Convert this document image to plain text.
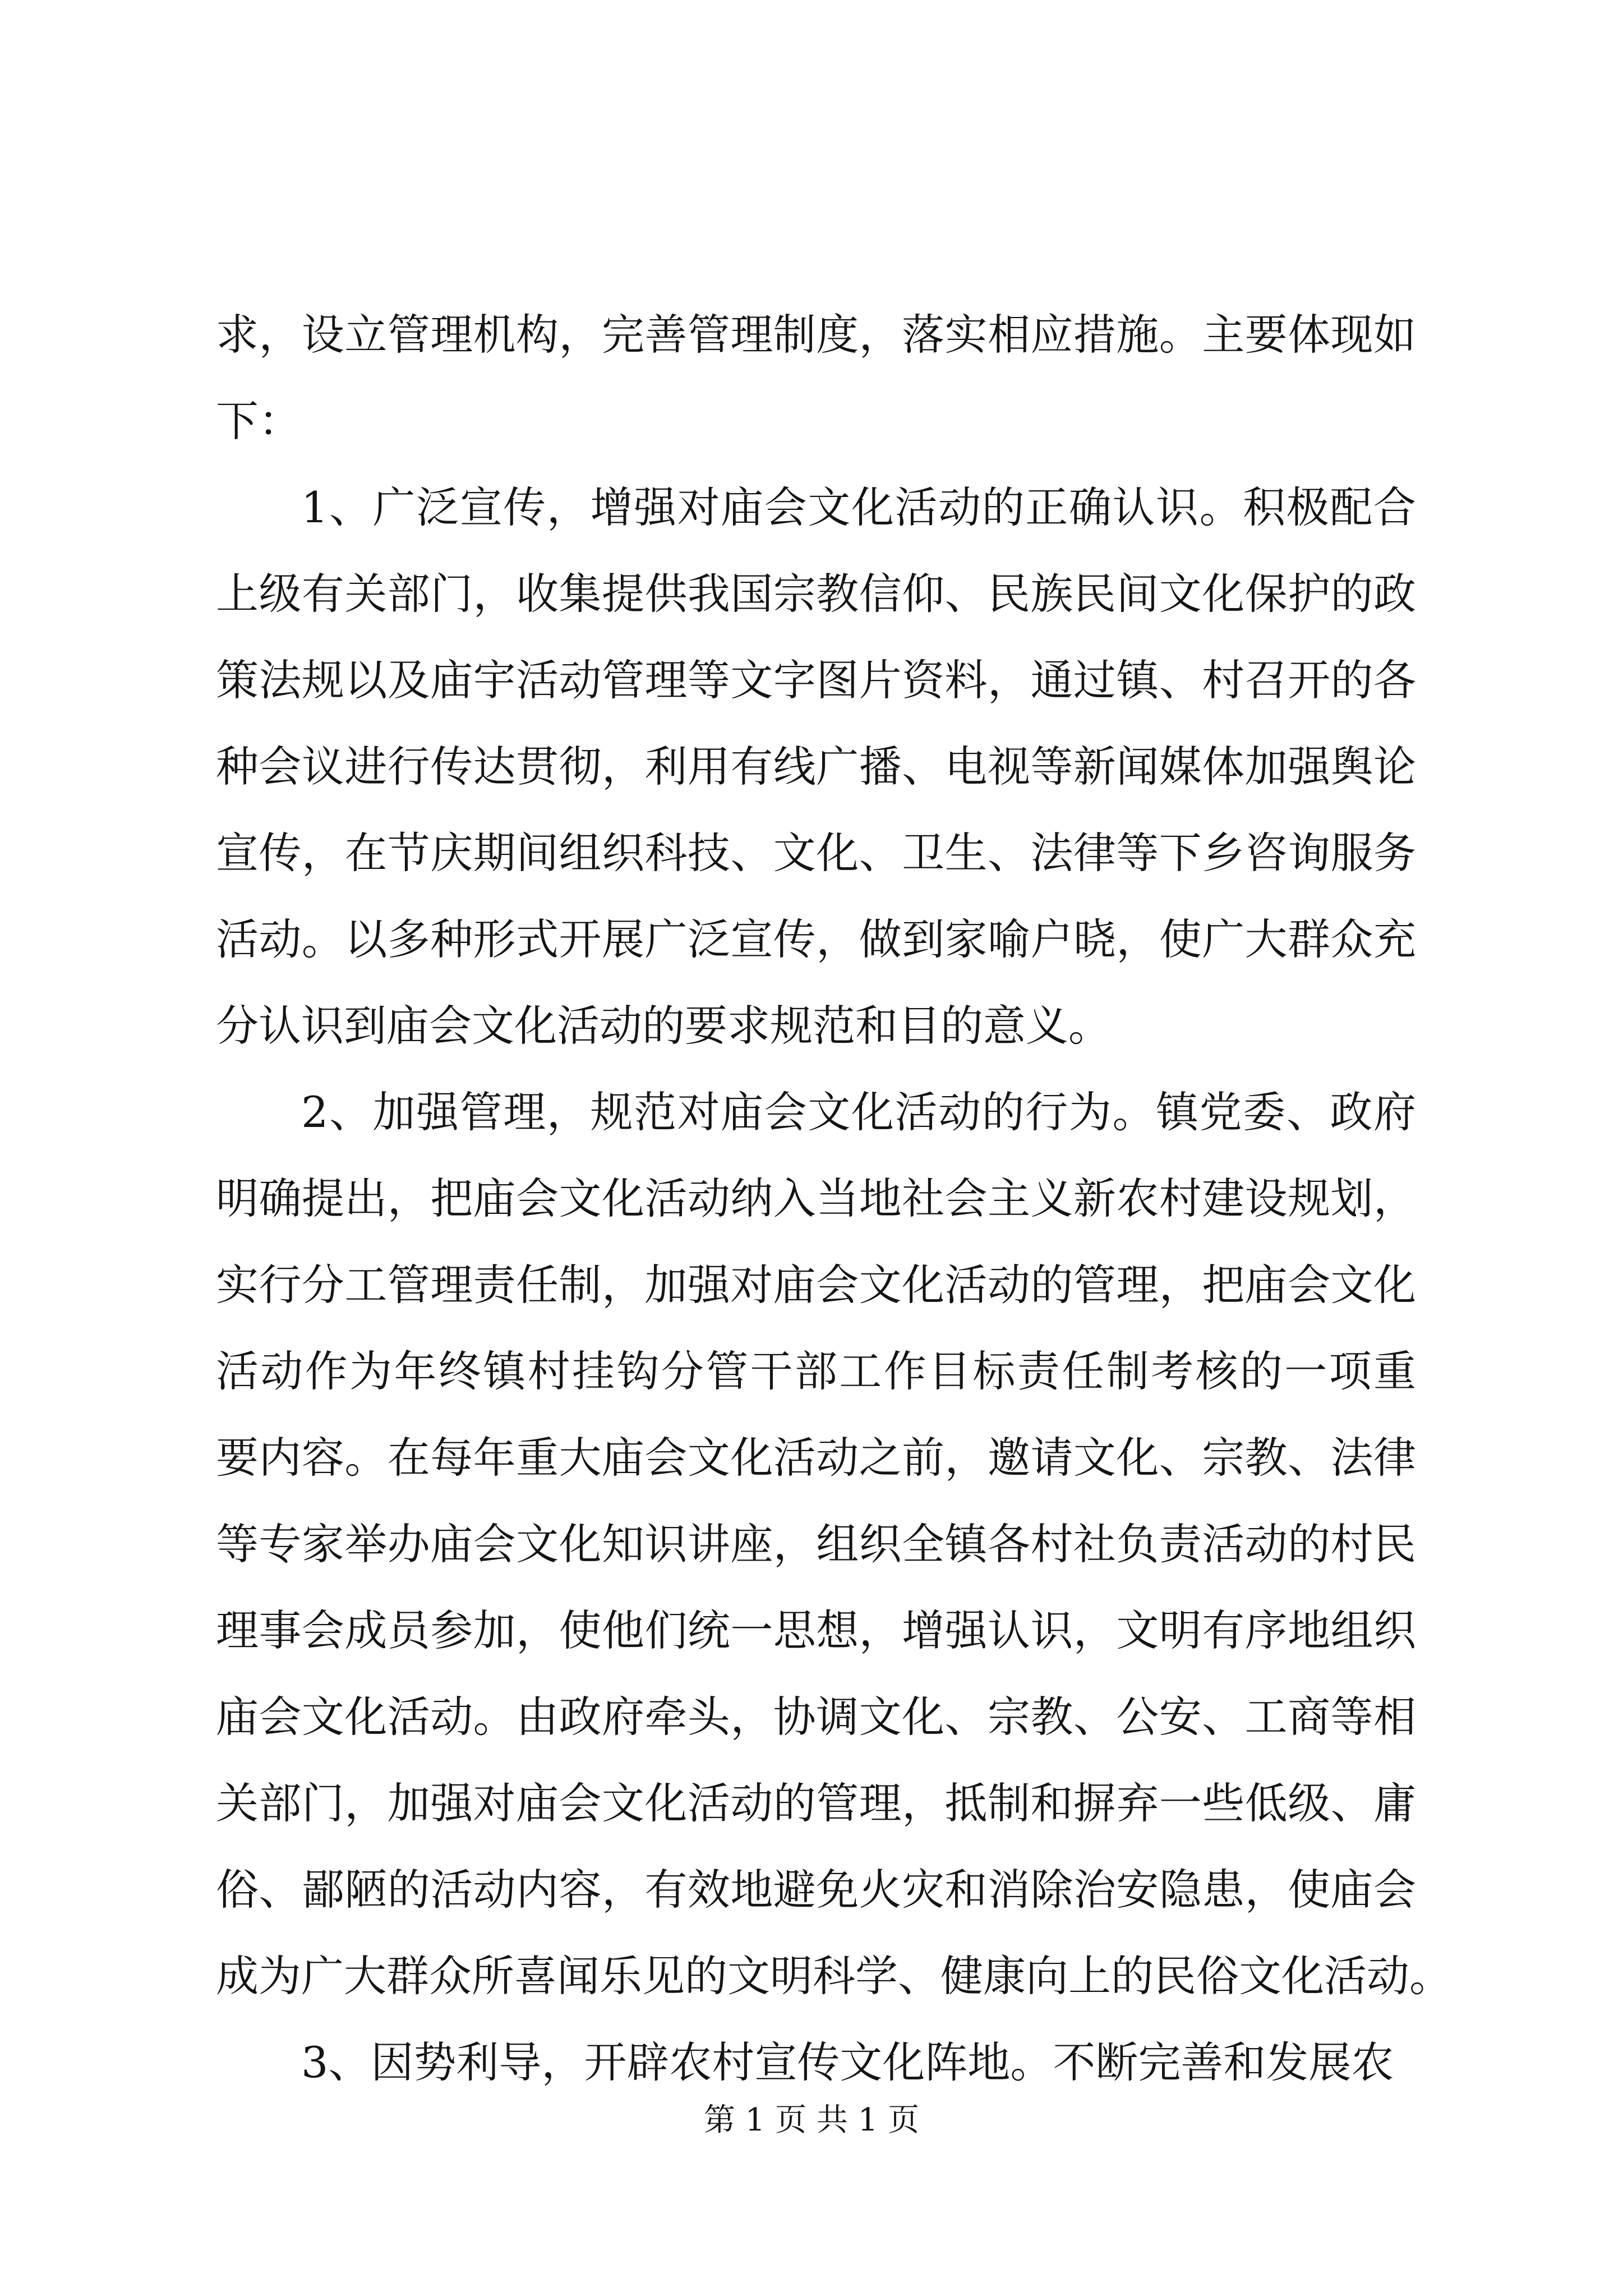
求，设立管理机构，完善管理制度，落实相应措施。主要体现如
下：
1、广泛宣传，增强对庙会文化活动的正确认识。积极配合
上级有关部门，收集提供我国宗教信仰、民族民间文化保护的政
策法规以及庙宇活动管理等文字图片资料，通过镇、村召开的各
种会议进行传达贯彻，利用有线广播、电视等新闻媒体加强舆论
宣传，在节庆期间组织科技、文化、卫生、法律等下乡咨询服务
活动。以多种形式开展广泛宣传，做到家喻户晓，使广大群众充
分认识到庙会文化活动的要求规范和目的意义。
2、加强管理，规范对庙会文化活动的行为。镇党委、政府
明确提出，把庙会文化活动纳入当地社会主义新农村建设规划，
实行分工管理责任制，加强对庙会文化活动的管理，把庙会文化
活动作为年终镇村挂钩分管干部工作目标责任制考核的一项重
要内容。在每年重大庙会文化活动之前，邀请文化、宗教、法律
等专家举办庙会文化知识讲座，组织全镇各村社负责活动的村民
理事会成员参加，使他们统一思想，增强认识，文明有序地组织
庙会文化活动。由政府牵头，协调文化、宗教、公安、工商等相
关部门，加强对庙会文化活动的管理，抵制和摒弃一些低级、庸
俗、鄙陋的活动内容，有效地避免火灾和消除治安隐患，使庙会
成为广大群众所喜闻乐见的文明科学、健康向上的民俗文化活动。
3、因势利导，开辟农村宣传文化阵地。不断完善和发展农
第 1 页 共 1 页
